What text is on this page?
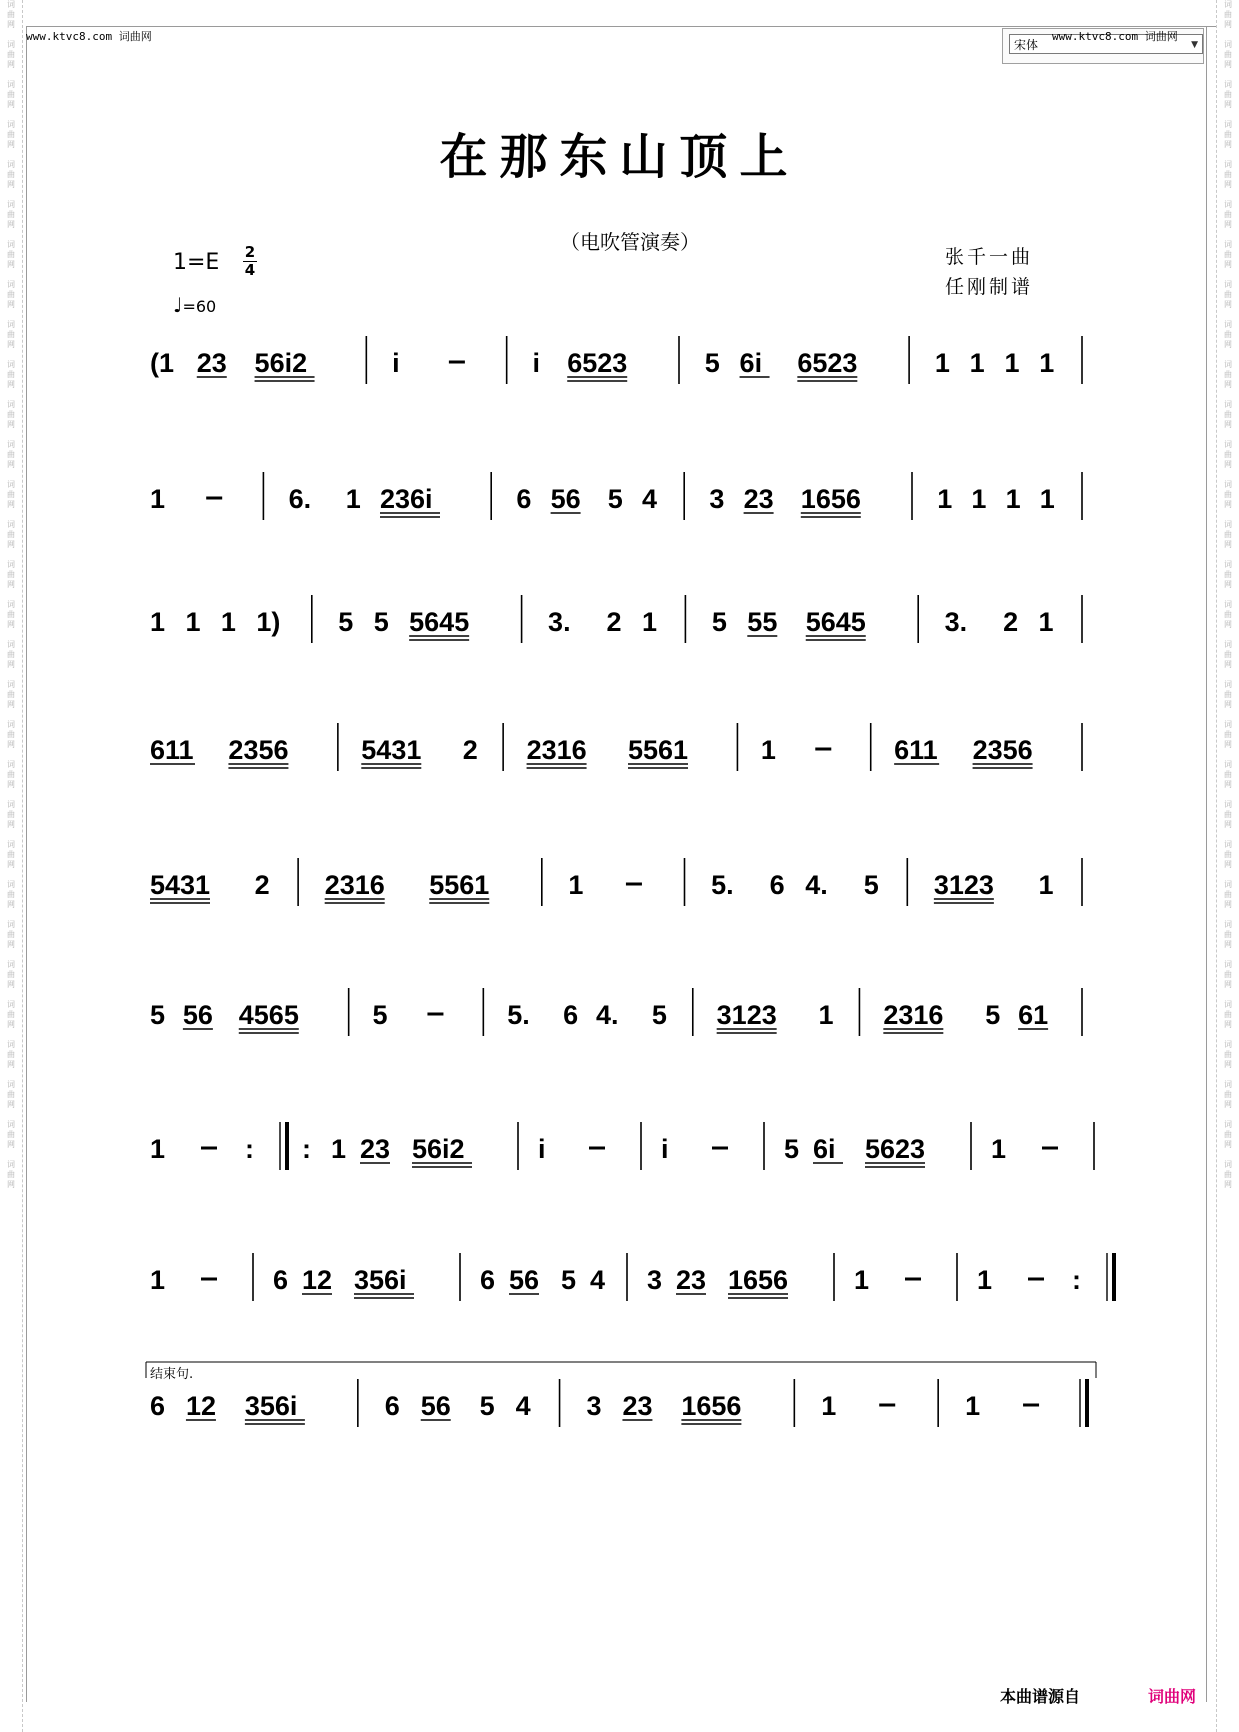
词
曲
网

词
曲
网

词
曲
网

词
曲
网

词
曲
网

词
曲
网

词
曲
网

词
曲
网

词
曲
网

词
曲
网

词
曲
网

词
曲
网

词
曲
网

词
曲
网

词
曲
网

词
曲
网

词
曲
网

词
曲
网

词
曲
网

词
曲
网

词
曲
网

词
曲
网

词
曲
网

词
曲
网

词
曲
网

词
曲
网

词
曲
网

词
曲
网

词
曲
网

词
曲
网

词
曲
网

词
曲
网

词
曲
网

词
曲
网

词
曲
网

词
曲
网

词
曲
网

词
曲
网

词
曲
网

词
曲
网

词
曲
网

词
曲
网

词
曲
网

词
曲
网

词
曲
网

词
曲
网

词
曲
网

词
曲
网

词
曲
网

词
曲
网

词
曲
网

词
曲
网

词
曲
网

词
曲
网

词
曲
网

词
曲
网

词
曲
网

词
曲
网

词
曲
网

词
曲
网

www.ktvc8.com 词曲网
宋体	▼
www.ktvc8.com 词曲网
在那东山顶上
（电吹管演奏）
张千一曲
任刚制谱
$1=E \frac{2}{4}$
♩=60
(1 23 56i2	i	i 6523	5 6i 6523	1 1 1 1
1	6. 1 236i	6 56 5 4 3 23 1656	1 1 1 1
1 1 1 1) 5 5 5645	3. 2 1 5 55 5645	3. 2 1
611 2356	5431 2 2316 5561	1	611 2356
5431 2 2316 5561	1	5. 6 4. 5 3123 1
5 56 4565	5	5. 6 4. 5 3123 1 2316 5 61
1	: : 1 23 56i2	i	i	5 6i 5623 1
1	6 12 356i	6 56 5 4 3 23 1656 1	1	:
6 12 356i	6 56 5 4 3 23 1656	1	1
结束句.
本曲谱源自	词曲网
